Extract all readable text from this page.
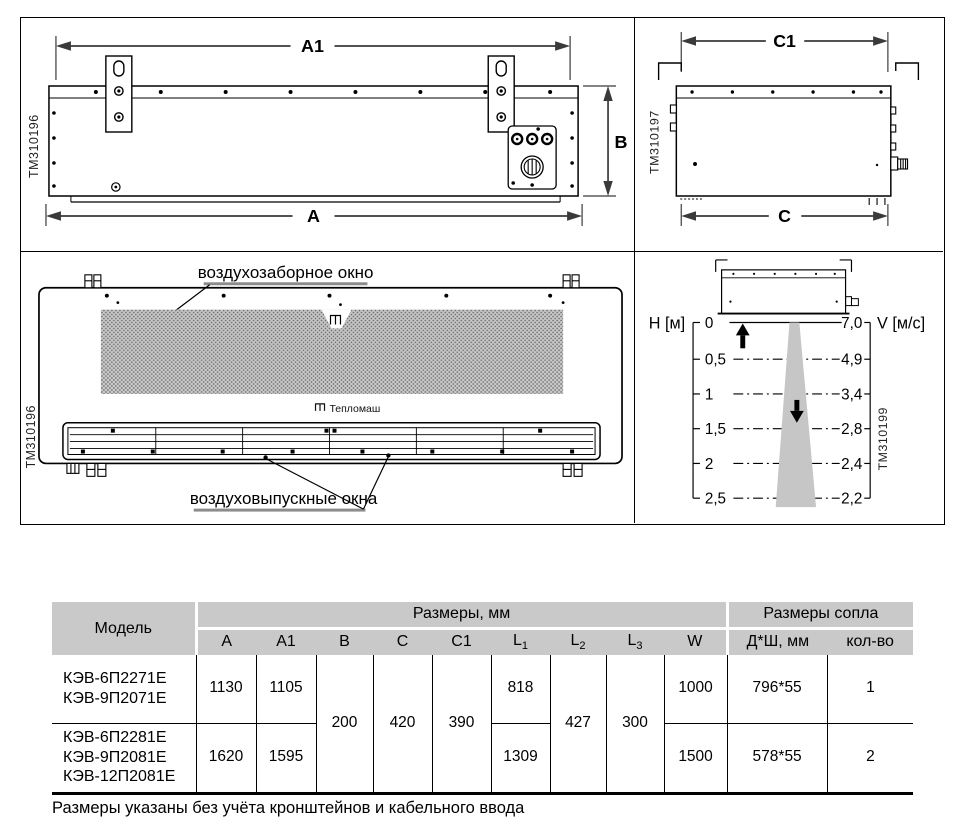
A1
B
A
TM310196
C1
C
TM310197
воздухозаборное окно
Тепломаш
воздуховыпускные окна
TM310196
H [м]	V [м/с]
0
0,5
1
1,5
2
2,5
7,0
4,9
3,4
2,8
2,4
2,2
TM310199
Модель	Размеры, мм									Размеры сопла	
	A	A1	B	C	C1	$L_1$	$L_2$	$L_3$	W	Д*Ш, мм	кол-во

КЭВ-6П2271Е
КЭВ-9П2071Е	1130	1105	200	420	390	818	427	300	1000	796*55	1

КЭВ-6П2281Е
КЭВ-9П2081Е
КЭВ-12П2081Е	1620	1595				1309			1500	578*55	2
Размеры указаны без учёта кронштейнов и кабельного ввода
